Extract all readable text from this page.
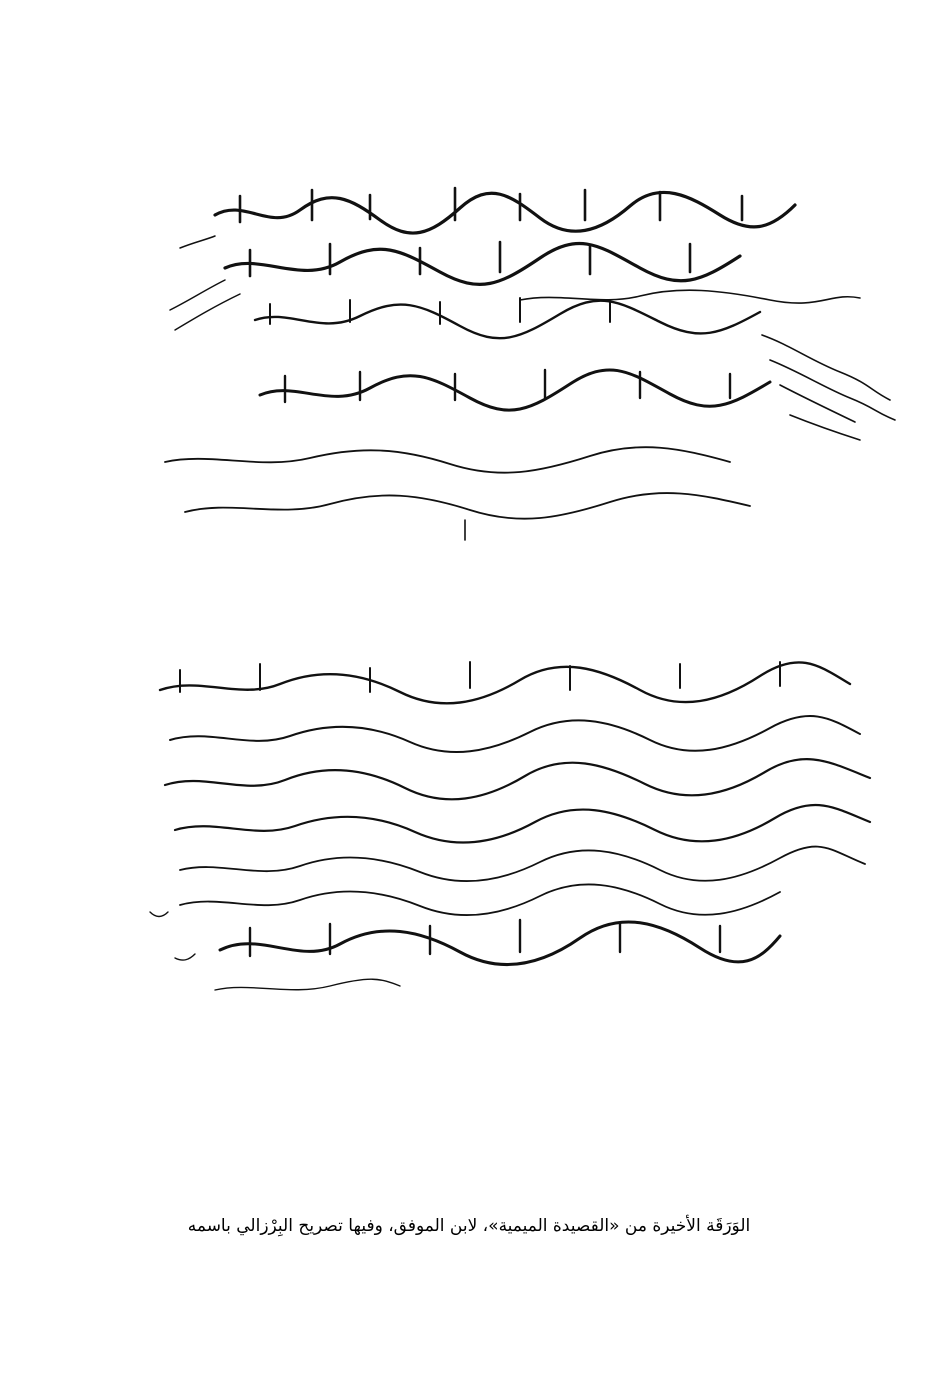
الوَرَقَة الأخيرة من «القصيدة الميمية»، لابن الموفق، وفيها تصريح البِرْزالي باسمه
